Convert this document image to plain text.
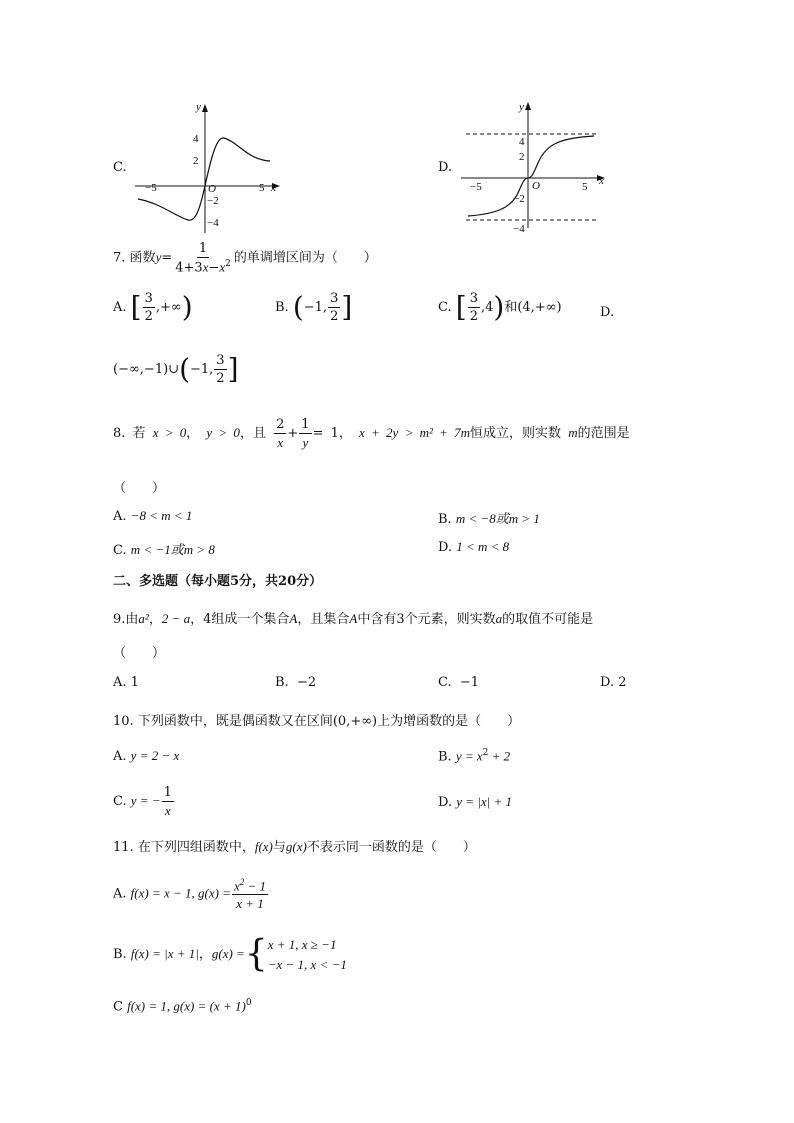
C.
y
x
O
4
2
−2
−4
−5	5
D.
y
x
O
4
2
−2
−4
−5	5
7. 函数$y= \frac{1}{4+3x-x^2}$ 的单调增区间为（　　）
A. [ $\frac{3}{2}$ ,+∞)	B. (−1, $\frac{3}{2}$ ]	C. [ $\frac{3}{2} ,4$)和(4,+∞)	D.
(−∞,−1)∪(−1, $\frac{3}{2}$ ]
8. 若 x > 0， y > 0，且 $\frac{2}{x} + \frac{1}{y} = 1$， x + 2y > m² + 7m恒成立，则实数 m的范围是
（　　）
A. −8 < m < 1	B. m < −8或m > 1
C. m < −1或m > 8	D. 1 < m < 8
二、多选题（每小题5分，共20分）
9.由a²，2 − a，4组成一个集合A，且集合A中含有3个元素，则实数a的取值不可能是
（　　）
A. 1	B. −2	C. −1	D. 2
10. 下列函数中，既是偶函数又在区间(0,+∞)上为增函数的是（　　）
A. y = 2 − x	B. $y = x^2 + 2$
C. y = − $\frac{1}{x}$	D. y = |x| + 1
11. 在下列四组函数中，f(x)与g(x)不表示同一函数的是（　　）
A. f(x) = x − 1, $g(x) = \frac{x^2 - 1}{x + 1}$
B. f(x) = |x + 1|，g(x) ={ x + 1, x ≥ −1
−x − 1, x < −1
C f(x) = 1, $g(x) = (x + 1)^0$
